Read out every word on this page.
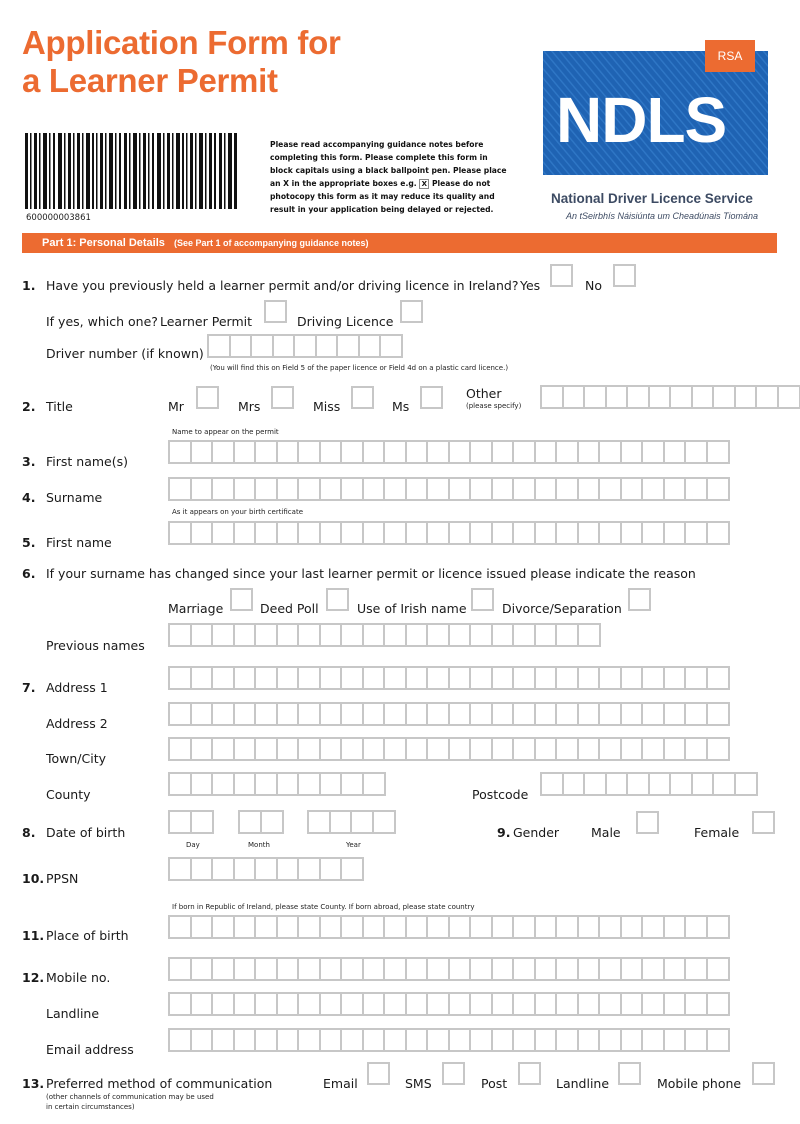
Application Form for
a Learner Permit
600000003861
Please read accompanying guidance notes before
completing this form. Please complete this form in
block capitals using a black ballpoint pen. Please place
an X in the appropriate boxes e.g. X Please do not
photocopy this form as it may reduce its quality and
result in your application being delayed or rejected.
RSA
NDLS
National Driver Licence Service
An tSeirbhís Náisiúnta um Cheadúnais Tiomána
Part 1: Personal Details (See Part 1 of accompanying guidance notes)
1. Have you previously held a learner permit and/or driving licence in Ireland? Yes	No
If yes, which one? Learner Permit	Driving Licence
Driver number (if known)
(You will find this on Field 5 of the paper licence or Field 4d on a plastic card licence.)
2. Title	Mr	Mrs	Miss	Ms
Other
(please specify)
Name to appear on the permit
3. First name(s)
4. Surname
As it appears on your birth certificate
5. First name
6. If your surname has changed since your last learner permit or licence issued please indicate the reason
Marriage	Deed Poll	Use of Irish name	Divorce/Separation
Previous names
7. Address 1
Address 2
Town/City
County	Postcode
8. Date of birth
Day	Month	Year
9. Gender	Male	Female
10. PPSN
If born in Republic of Ireland, please state County. If born abroad, please state country
11. Place of birth
12. Mobile no.
Landline
Email address
13. Preferred method of communication
(other channels of communication may be used
in certain circumstances)
Email	SMS	Post	Landline	Mobile phone
